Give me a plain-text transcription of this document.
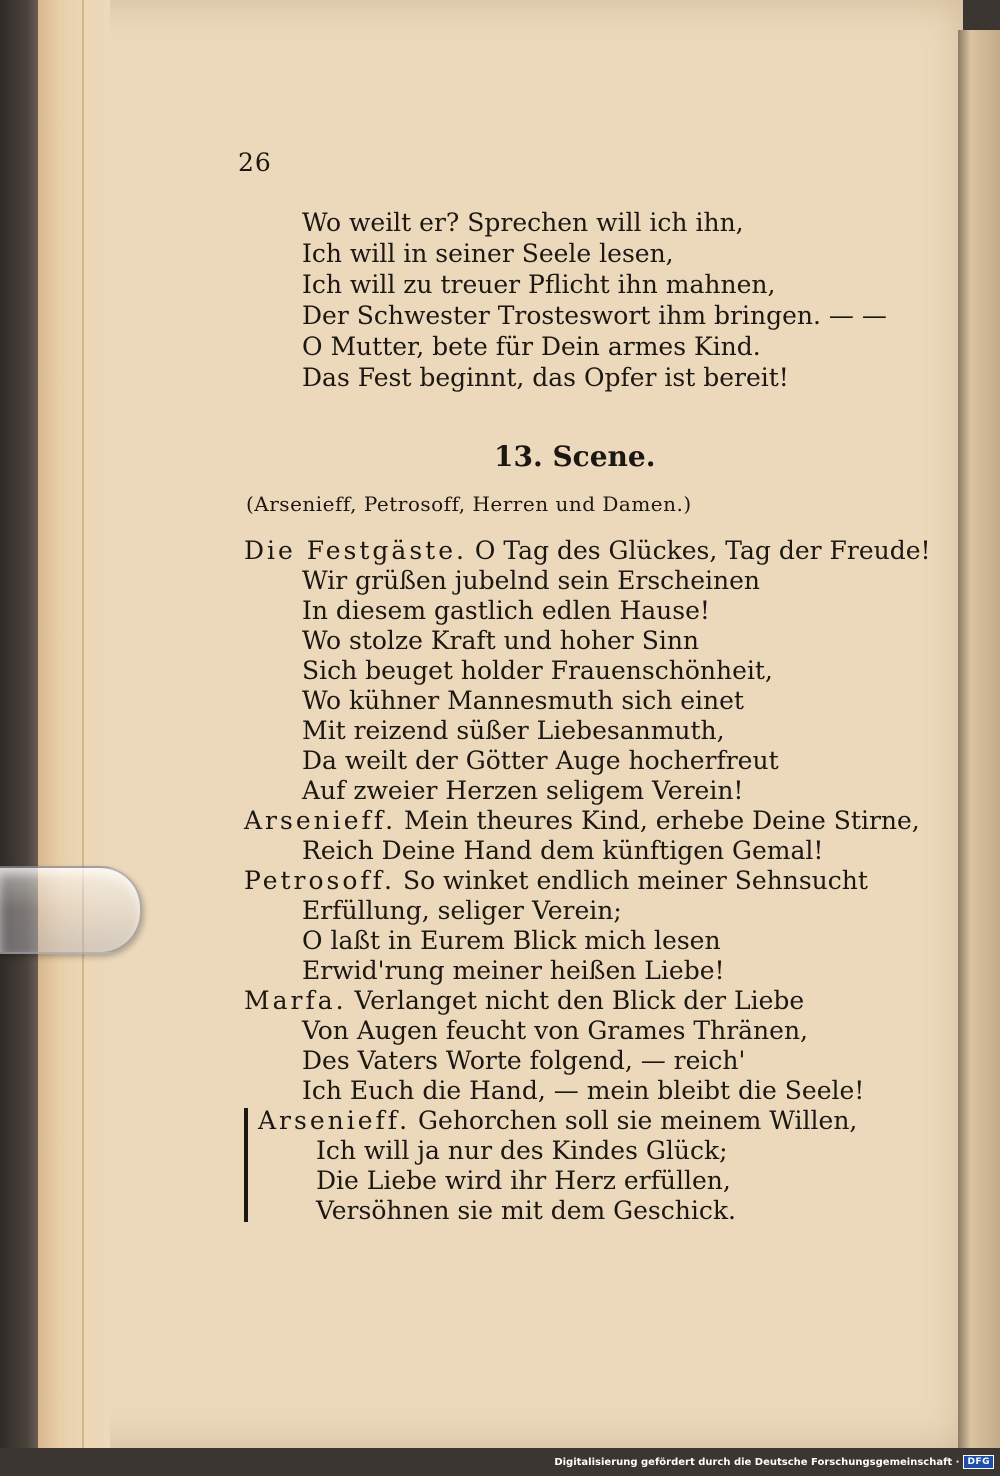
26
Wo weilt er? Sprechen will ich ihn,
Ich will in seiner Seele lesen,
Ich will zu treuer Pflicht ihn mahnen,
Der Schwester Trosteswort ihm bringen. — —
O Mutter, bete für Dein armes Kind.
Das Fest beginnt, das Opfer ist bereit!
13. Scene.
(Arsenieff, Petrosoff, Herren und Damen.)
Die Festgäste. O Tag des Glückes, Tag der Freude!
Wir grüßen jubelnd sein Erscheinen
In diesem gastlich edlen Hause!
Wo stolze Kraft und hoher Sinn
Sich beuget holder Frauenschönheit,
Wo kühner Mannesmuth sich einet
Mit reizend süßer Liebesanmuth,
Da weilt der Götter Auge hocherfreut
Auf zweier Herzen seligem Verein!
Arsenieff. Mein theures Kind, erhebe Deine Stirne,
Reich Deine Hand dem künftigen Gemal!
Petrosoff. So winket endlich meiner Sehnsucht
Erfüllung, seliger Verein;
O laßt in Eurem Blick mich lesen
Erwid'rung meiner heißen Liebe!
Marfa. Verlanget nicht den Blick der Liebe
Von Augen feucht von Grames Thränen,
Des Vaters Worte folgend, — reich'
Ich Euch die Hand, — mein bleibt die Seele!
Arsenieff. Gehorchen soll sie meinem Willen,
Ich will ja nur des Kindes Glück;
Die Liebe wird ihr Herz erfüllen,
Versöhnen sie mit dem Geschick.
Digitalisierung gefördert durch die Deutsche Forschungsgemeinschaft · DFG
